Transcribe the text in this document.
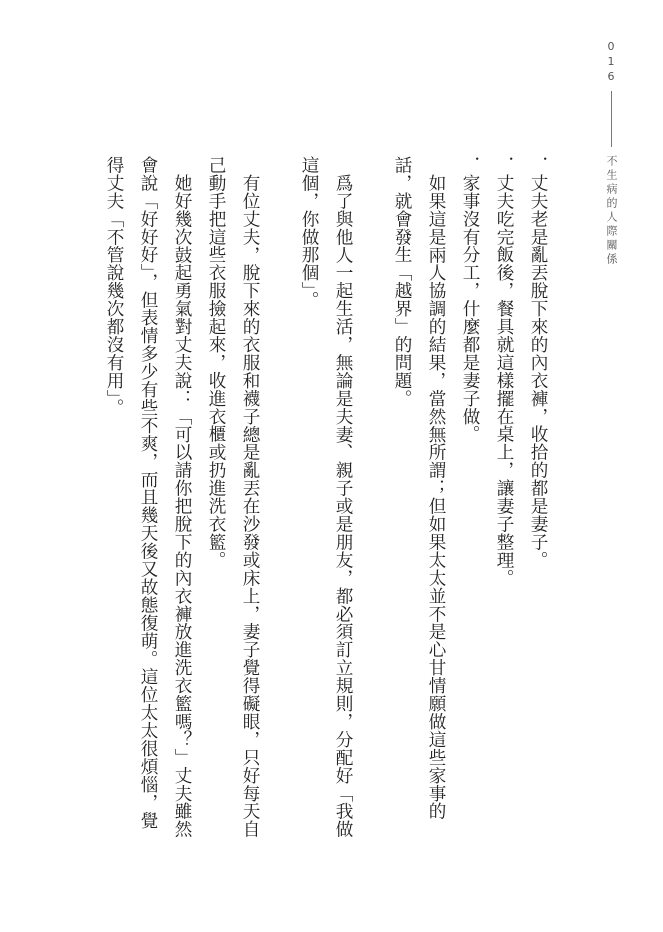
016
不生病的人際關係

．丈夫老是亂丟脫下來的內衣褲，收拾的都是妻子。

．丈夫吃完飯後，餐具就這樣擺在桌上，讓妻子整理。

．家事沒有分工，什麼都是妻子做。

如果這是兩人協調的結果，當然無所謂；但如果太太並不是心甘情願做這些家事的話，就會發生「越界」的問題。

爲了與他人一起生活，無論是夫妻、親子或是朋友，都必須訂立規則，分配好「我做這個，你做那個」。

有位丈夫，脫下來的衣服和襪子總是亂丟在沙發或床上，妻子覺得礙眼，只好每天自己動手把這些衣服撿起來，收進衣櫃或扔進洗衣籃。

她好幾次鼓起勇氣對丈夫說：「可以請你把脫下的內衣褲放進洗衣籃嗎？」丈夫雖然會說「好好好」，但表情多少有些不爽，而且幾天後又故態復萌。這位太太很煩惱，覺得丈夫「不管說幾次都沒有用」。
